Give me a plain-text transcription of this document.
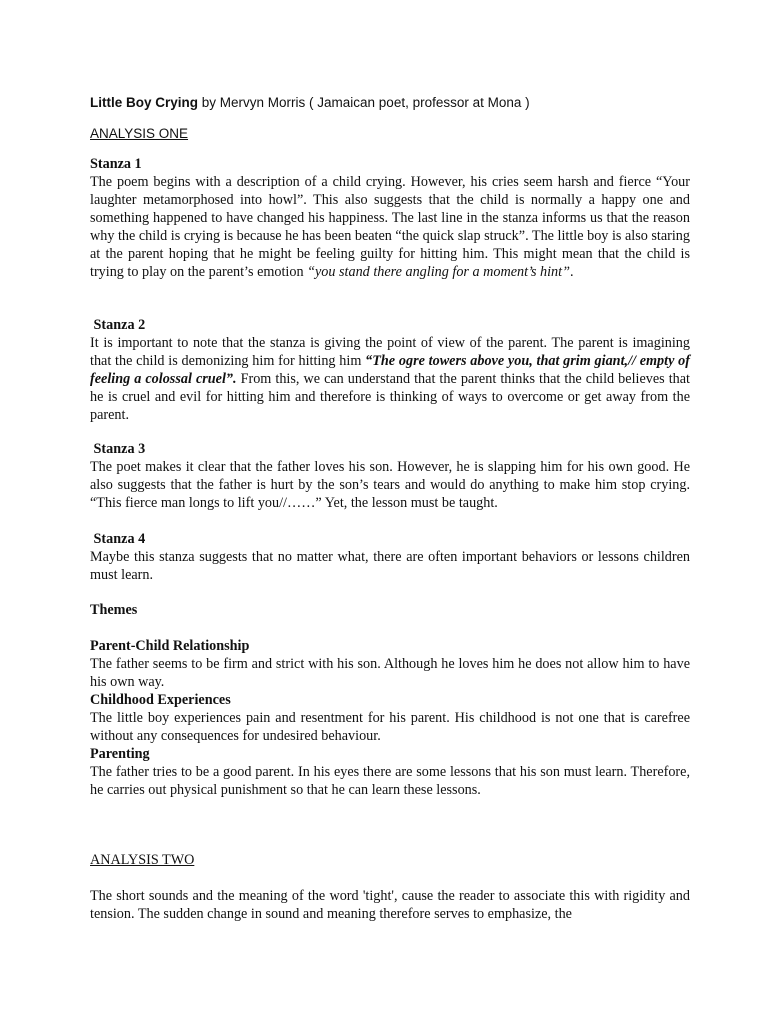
Little Boy Crying by Mervyn Morris ( Jamaican poet, professor at Mona )
ANALYSIS ONE
Stanza 1

The poem begins with a description of a child crying. However, his cries seem harsh and fierce “Your laughter metamorphosed into howl”. This also suggests that the child is normally a happy one and something happened to have changed his happiness. The last line in the stanza informs us that the reason why the child is crying is because he has been beaten “the quick slap struck”. The little boy is also staring at the parent hoping that he might be feeling guilty for hitting him. This might mean that the child is trying to play on the parent’s emotion “you stand there angling for a moment’s hint”.

Stanza 2

It is important to note that the stanza is giving the point of view of the parent. The parent is imagining that the child is demonizing him for hitting him “The ogre towers above you, that grim giant,// empty of feeling a colossal cruel”. From this, we can understand that the parent thinks that the child believes that he is cruel and evil for hitting him and therefore is thinking of ways to overcome or get away from the parent.

Stanza 3

The poet makes it clear that the father loves his son. However, he is slapping him for his own good. He also suggests that the father is hurt by the son’s tears and would do anything to make him stop crying. “This fierce man longs to lift you//……” Yet, the lesson must be taught.

Stanza 4

Maybe this stanza suggests that no matter what, there are often important behaviors or lessons children must learn.

Themes
Parent-Child Relationship

The father seems to be firm and strict with his son. Although he loves him he does not allow him to have his own way.

Childhood Experiences

The little boy experiences pain and resentment for his parent. His childhood is not one that is carefree without any consequences for undesired behaviour.

Parenting

The father tries to be a good parent. In his eyes there are some lessons that his son must learn. Therefore, he carries out physical punishment so that he can learn these lessons.

ANALYSIS TWO

The short sounds and the meaning of the word 'tight', cause the reader to associate this with rigidity and tension. The sudden change in sound and meaning therefore serves to emphasize, the
